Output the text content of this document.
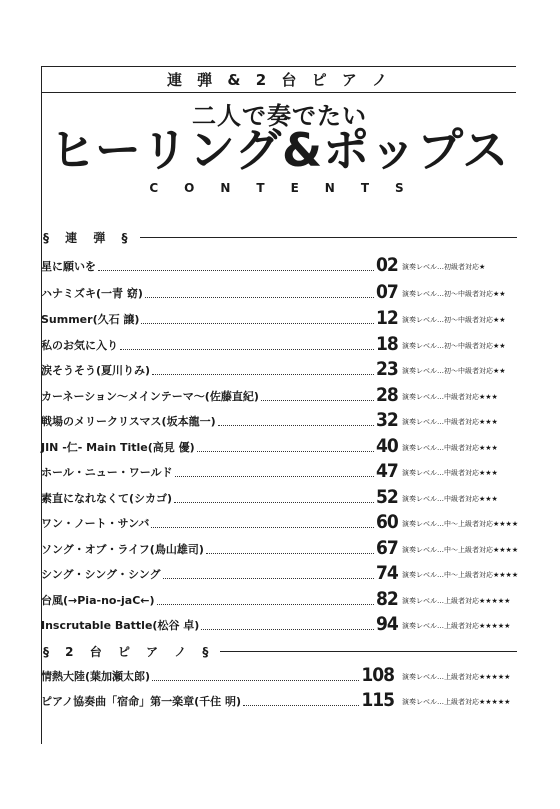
連 弾 & 2 台 ピ ア ノ
二人で奏でたい
ヒーリング&ポップス
CONTENTS
§ 連 弾 §
星に願いを	02 演奏レベル…初級者対応★
ハナミズキ(一青 窈)	07 演奏レベル…初～中級者対応★★
Summer(久石 譲)	12 演奏レベル…初～中級者対応★★
私のお気に入り	18 演奏レベル…初～中級者対応★★
涙そうそう(夏川りみ)	23 演奏レベル…初～中級者対応★★
カーネーション～メインテーマ～(佐藤直紀)	28 演奏レベル…中級者対応★★★
戦場のメリークリスマス(坂本龍一)	32 演奏レベル…中級者対応★★★
JIN -仁- Main Title(高見 優)	40 演奏レベル…中級者対応★★★
ホール・ニュー・ワールド	47 演奏レベル…中級者対応★★★
素直になれなくて(シカゴ)	52 演奏レベル…中級者対応★★★
ワン・ノート・サンバ	60 演奏レベル…中～上級者対応★★★★
ソング・オブ・ライフ(鳥山雄司)	67 演奏レベル…中～上級者対応★★★★
シング・シング・シング	74 演奏レベル…中～上級者対応★★★★
台風(→Pia-no-jaC←)	82 演奏レベル…上級者対応★★★★★
Inscrutable Battle(松谷 卓)	94 演奏レベル…上級者対応★★★★★
§ 2 台 ピ ア ノ §
情熱大陸(葉加瀬太郎)	108	演奏レベル…上級者対応★★★★★
ピアノ協奏曲「宿命」第一楽章(千住 明)	115	演奏レベル…上級者対応★★★★★
